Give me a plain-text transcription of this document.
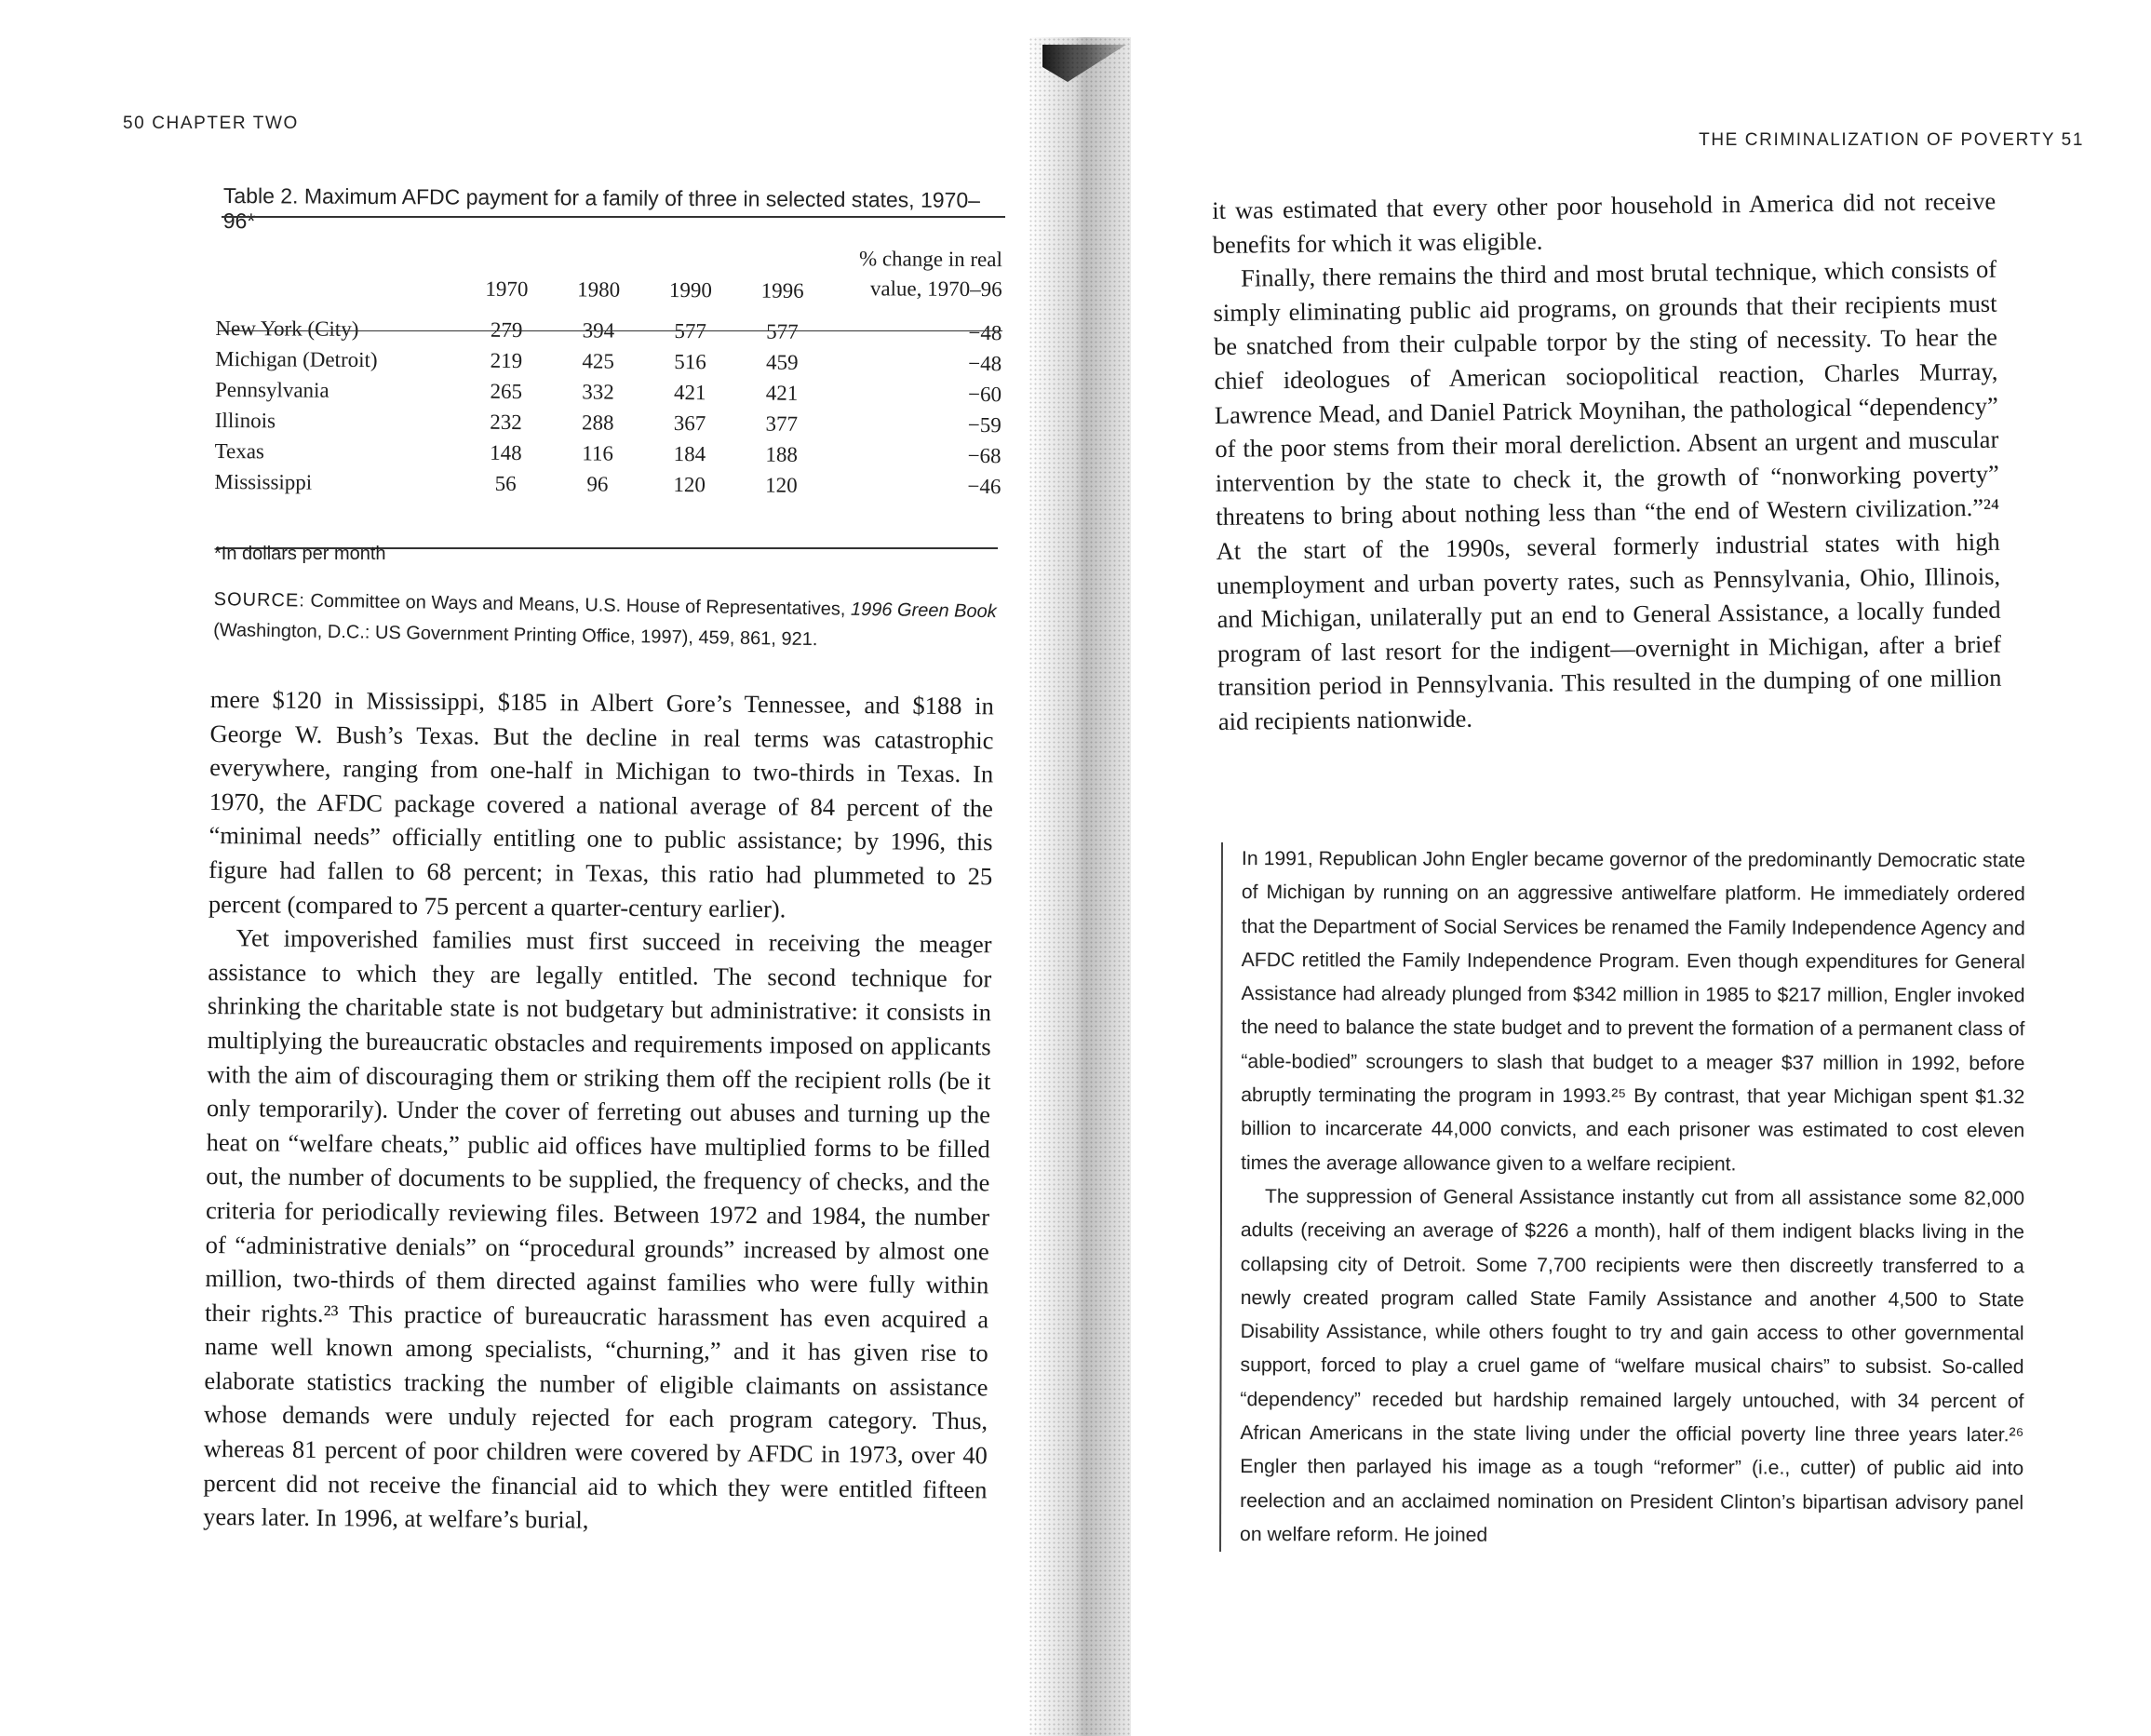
50 CHAPTER TWO
Table 2. Maximum AFDC payment for a family of three in selected states, 1970–96*
	1970	1980	1990	1996	% change in real value, 1970–96
New York (City)	279	394	577	577	−48
Michigan (Detroit)	219	425	516	459	−48
Pennsylvania	265	332	421	421	−60
Illinois	232	288	367	377	−59
Texas	148	116	184	188	−68
Mississippi	56	96	120	120	−46
*In dollars per month
SOURCE: Committee on Ways and Means, U.S. House of Representatives, 1996 Green Book (Washington, D.C.: US Government Printing Office, 1997), 459, 861, 921.

mere $120 in Mississippi, $185 in Albert Gore’s Tennessee, and $188 in George W. Bush’s Texas. But the decline in real terms was catastrophic everywhere, ranging from one-half in Michigan to two-thirds in Texas. In 1970, the AFDC package covered a national average of 84 percent of the “minimal needs” officially entitling one to public assistance; by 1996, this figure had fallen to 68 percent; in Texas, this ratio had plummeted to 25 percent (compared to 75 percent a quarter-century earlier).

Yet impoverished families must first succeed in receiving the meager assistance to which they are legally entitled. The second technique for shrinking the charitable state is not budgetary but administrative: it consists in multiplying the bureaucratic obstacles and requirements imposed on applicants with the aim of discouraging them or striking them off the recipient rolls (be it only temporarily). Under the cover of ferreting out abuses and turning up the heat on “welfare cheats,” public aid offices have multiplied forms to be filled out, the number of documents to be supplied, the frequency of checks, and the criteria for periodically reviewing files. Between 1972 and 1984, the number of “administrative denials” on “procedural grounds” increased by almost one million, two-thirds of them directed against families who were fully within their rights.²³ This practice of bureaucratic harassment has even acquired a name well known among specialists, “churning,” and it has given rise to elaborate statistics tracking the number of eligible claimants on assistance whose demands were unduly rejected for each program category. Thus, whereas 81 percent of poor children were covered by AFDC in 1973, over 40 percent did not receive the financial aid to which they were entitled fifteen years later. In 1996, at welfare’s burial,

THE CRIMINALIZATION OF POVERTY 51

it was estimated that every other poor household in America did not receive benefits for which it was eligible.

Finally, there remains the third and most brutal technique, which consists of simply eliminating public aid programs, on grounds that their recipients must be snatched from their culpable torpor by the sting of necessity. To hear the chief ideologues of American sociopolitical reaction, Charles Murray, Lawrence Mead, and Daniel Patrick Moynihan, the pathological “dependency” of the poor stems from their moral dereliction. Absent an urgent and muscular intervention by the state to check it, the growth of “nonworking poverty” threatens to bring about nothing less than “the end of Western civilization.”²⁴ At the start of the 1990s, several formerly industrial states with high unemployment and urban poverty rates, such as Pennsylvania, Ohio, Illinois, and Michigan, unilaterally put an end to General Assistance, a locally funded program of last resort for the indigent—overnight in Michigan, after a brief transition period in Pennsylvania. This resulted in the dumping of one million aid recipients nationwide.

In 1991, Republican John Engler became governor of the predominantly Democratic state of Michigan by running on an aggressive antiwelfare platform. He immediately ordered that the Department of Social Services be renamed the Family Independence Agency and AFDC retitled the Family Independence Program. Even though expenditures for General Assistance had already plunged from $342 million in 1985 to $217 million, Engler invoked the need to balance the state budget and to prevent the formation of a permanent class of “able-bodied” scroungers to slash that budget to a meager $37 million in 1992, before abruptly terminating the program in 1993.²⁵ By contrast, that year Michigan spent $1.32 billion to incarcerate 44,000 convicts, and each prisoner was estimated to cost eleven times the average allowance given to a welfare recipient.

The suppression of General Assistance instantly cut from all assistance some 82,000 adults (receiving an average of $226 a month), half of them indigent blacks living in the collapsing city of Detroit. Some 7,700 recipients were then discreetly transferred to a newly created program called State Family Assistance and another 4,500 to State Disability Assistance, while others fought to try and gain access to other governmental support, forced to play a cruel game of “welfare musical chairs” to subsist. So-called “dependency” receded but hardship remained largely untouched, with 34 percent of African Americans in the state living under the official poverty line three years later.²⁶ Engler then parlayed his image as a tough “reformer” (i.e., cutter) of public aid into reelection and an acclaimed nomination on President Clinton’s bipartisan advisory panel on welfare reform. He joined
